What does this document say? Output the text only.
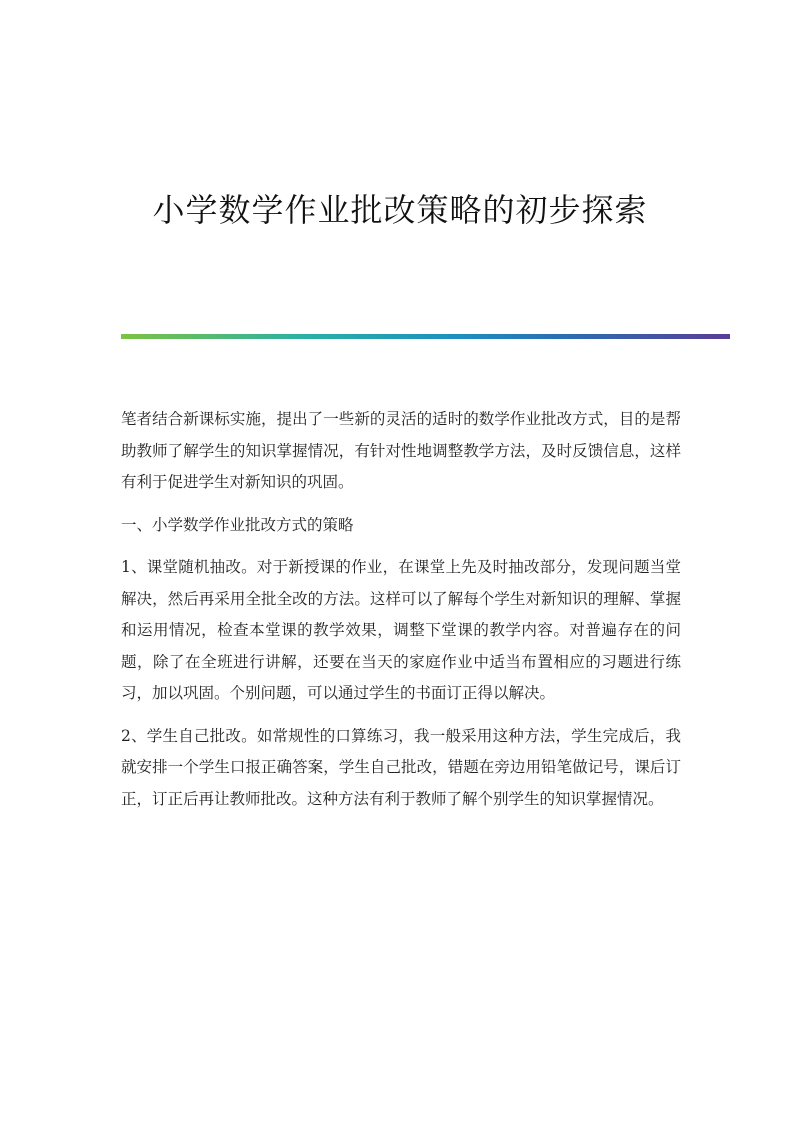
小学数学作业批改策略的初步探索

笔者结合新课标实施，提出了一些新的灵活的适时的数学作业批改方式，目的是帮助教师了解学生的知识掌握情况，有针对性地调整教学方法，及时反馈信息，这样有利于促进学生对新知识的巩固。

一、小学数学作业批改方式的策略

1、课堂随机抽改。对于新授课的作业，在课堂上先及时抽改部分，发现问题当堂解决，然后再采用全批全改的方法。这样可以了解每个学生对新知识的理解、掌握和运用情况，检查本堂课的教学效果，调整下堂课的教学内容。对普遍存在的问题，除了在全班进行讲解，还要在当天的家庭作业中适当布置相应的习题进行练习，加以巩固。个别问题，可以通过学生的书面订正得以解决。

2、学生自己批改。如常规性的口算练习，我一般采用这种方法，学生完成后，我就安排一个学生口报正确答案，学生自己批改，错题在旁边用铅笔做记号，课后订正，订正后再让教师批改。这种方法有利于教师了解个别学生的知识掌握情况。
